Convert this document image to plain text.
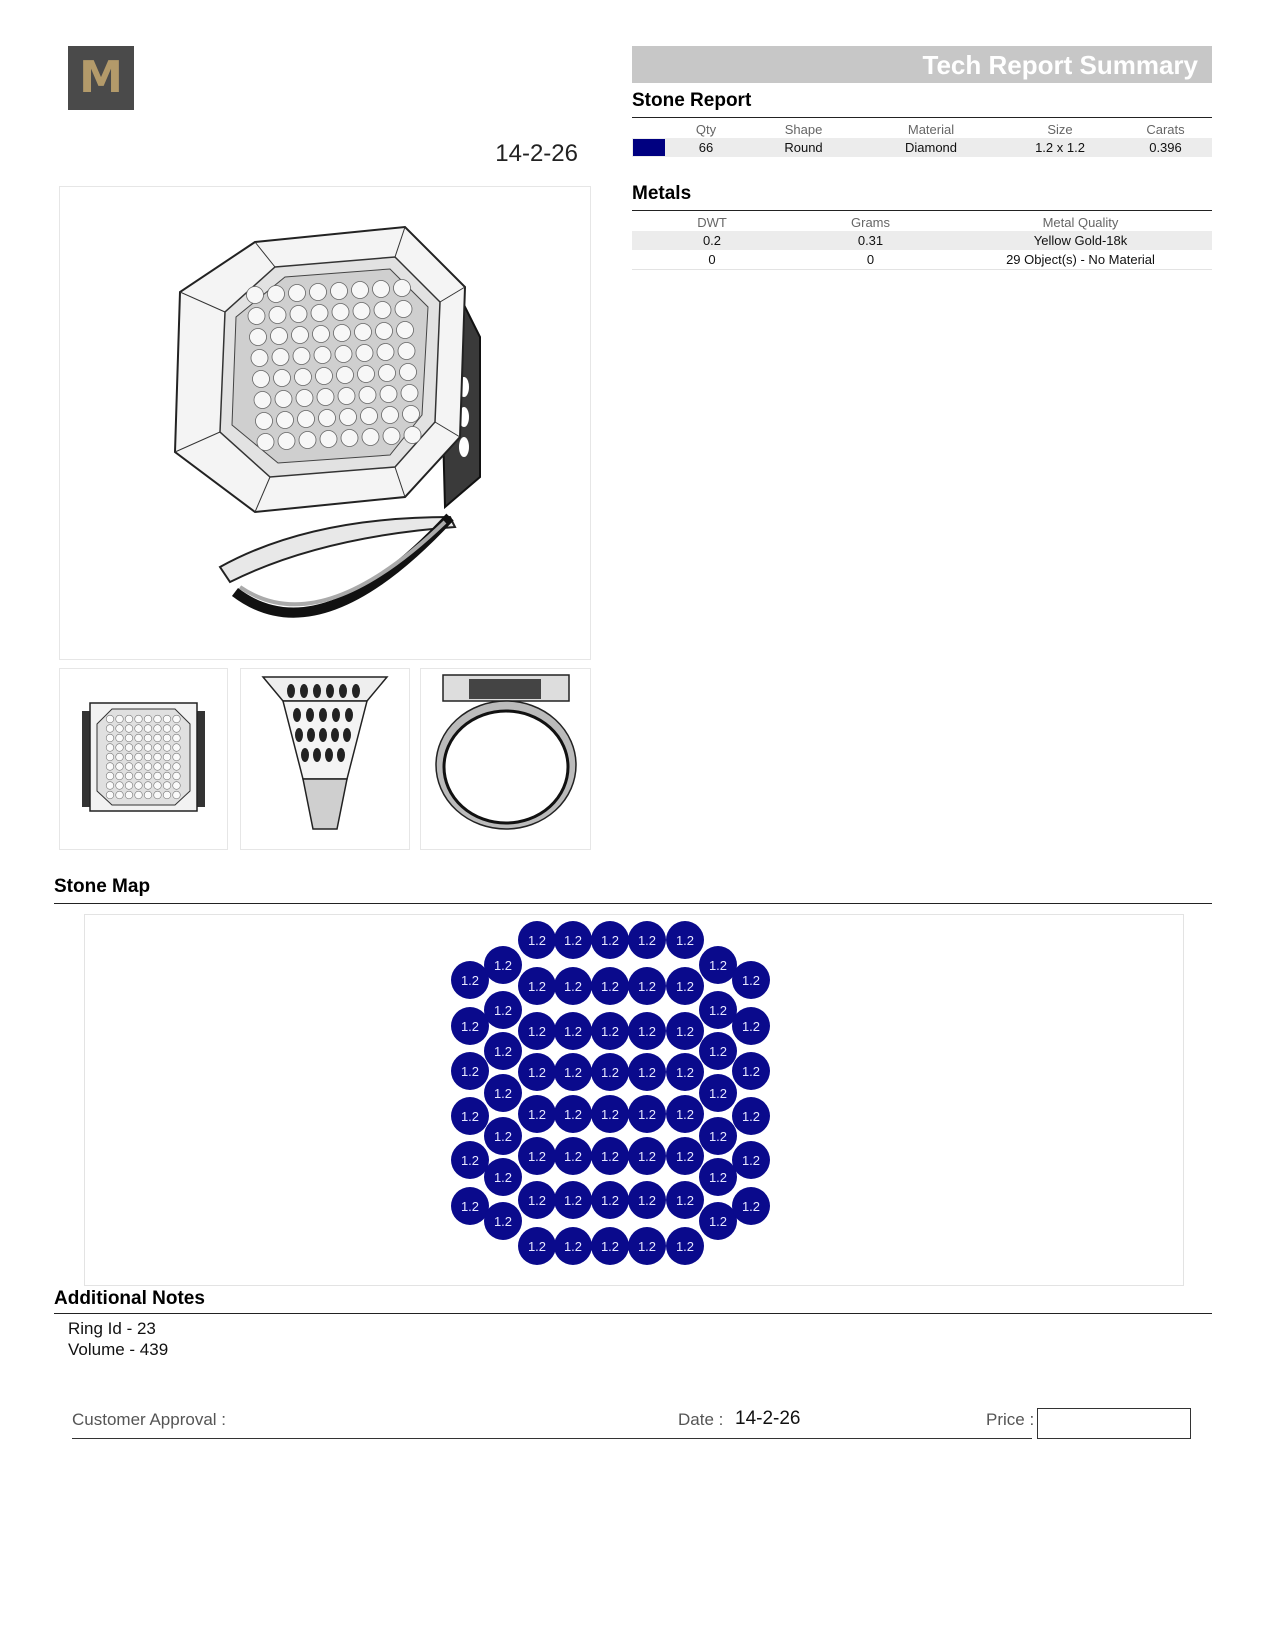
M
14-2-26
Tech Report Summary
Stone Report
	Qty	Shape	Material	Size	Carats
	66	Round	Diamond	1.2 x 1.2	0.396
Metals
DWT	Grams	Metal Quality
0.2	0.31	Yellow Gold-18k
0	0	29 Object(s) - No Material
Stone Map
1.2
1.2
1.2
1.2
1.2
1.2
1.2
1.2
1.2
1.2
1.2
1.2
1.2
1.2
1.2
1.2
1.2
1.2
1.2
1.2
1.2
1.2
1.2
1.2
1.2
1.2
1.2
1.2
1.2
1.2
1.2
1.2
1.2
1.2
1.2
1.2
1.2
1.2
1.2
1.2
1.2
1.2
1.2
1.2
1.2
1.2
1.2
1.2
1.2
1.2
1.2
1.2
1.2
1.2
1.2
1.2
1.2
1.2
1.2
1.2
1.2
1.2
1.2
1.2
1.2
1.2
Additional Notes
Ring Id - 23
Volume - 439
Customer Approval :	Date : 14-2-26	Price :
